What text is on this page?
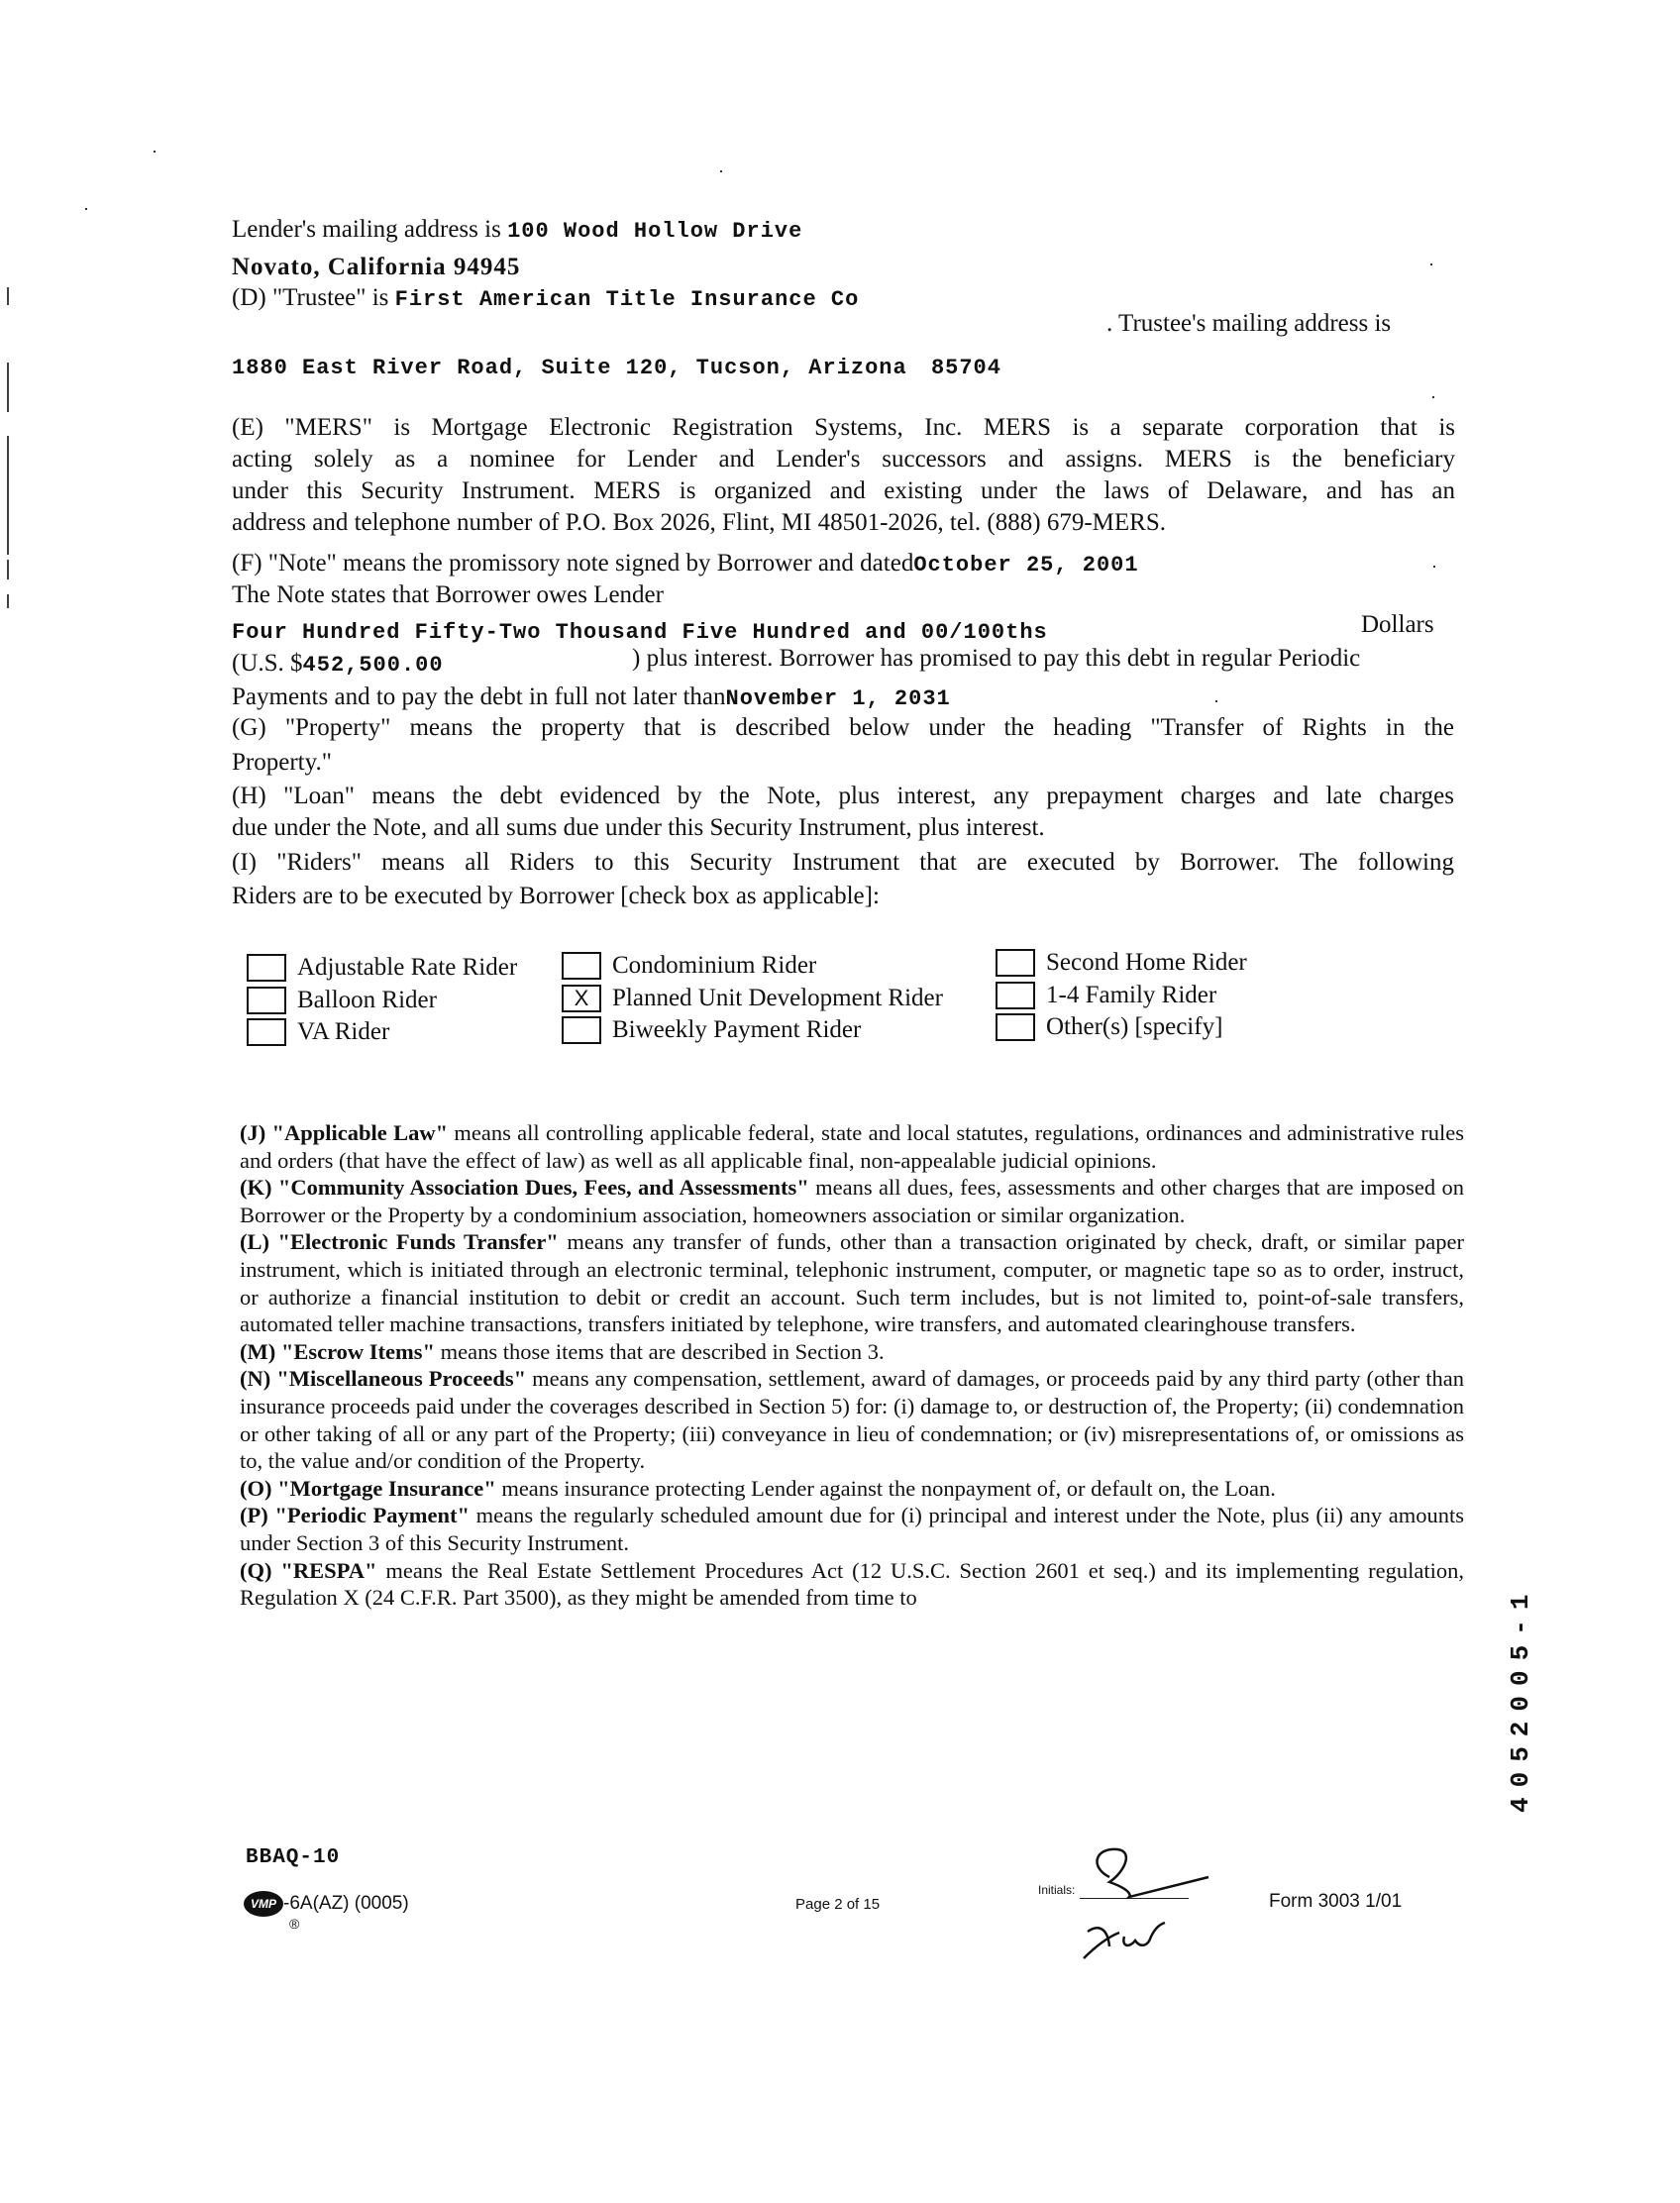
Lender's mailing address is 100 Wood Hollow Drive
Novato, California 94945
(D) "Trustee" is First American Title Insurance Co
. Trustee's mailing address is
1880 East River Road, Suite 120, Tucson, Arizona 85704
(E) "MERS" is Mortgage Electronic Registration Systems, Inc. MERS is a separate corporation that is
acting solely as a nominee for Lender and Lender's successors and assigns. MERS is the beneficiary
under this Security Instrument. MERS is organized and existing under the laws of Delaware, and has an
address and telephone number of P.O. Box 2026, Flint, MI 48501-2026, tel. (888) 679-MERS.
(F) "Note" means the promissory note signed by Borrower and datedOctober 25, 2001
The Note states that Borrower owes Lender
Four Hundred Fifty-Two Thousand Five Hundred and 00/100ths	Dollars
(U.S. $452,500.00	) plus interest. Borrower has promised to pay this debt in regular Periodic
Payments and to pay the debt in full not later thanNovember 1, 2031
(G) "Property" means the property that is described below under the heading "Transfer of Rights in the
Property."
(H) "Loan" means the debt evidenced by the Note, plus interest, any prepayment charges and late charges
due under the Note, and all sums due under this Security Instrument, plus interest.
(I) "Riders" means all Riders to this Security Instrument that are executed by Borrower. The following
Riders are to be executed by Borrower [check box as applicable]:
Adjustable Rate Rider
Balloon Rider
VA Rider
Condominium Rider
X Planned Unit Development Rider
Biweekly Payment Rider
Second Home Rider
1-4 Family Rider
Other(s) [specify]

(J) "Applicable Law" means all controlling applicable federal, state and local statutes, regulations, ordinances and administrative rules and orders (that have the effect of law) as well as all applicable final, non-appealable judicial opinions.

(K) "Community Association Dues, Fees, and Assessments" means all dues, fees, assessments and other charges that are imposed on Borrower or the Property by a condominium association, homeowners association or similar organization.

(L) "Electronic Funds Transfer" means any transfer of funds, other than a transaction originated by check, draft, or similar paper instrument, which is initiated through an electronic terminal, telephonic instrument, computer, or magnetic tape so as to order, instruct, or authorize a financial institution to debit or credit an account. Such term includes, but is not limited to, point-of-sale transfers, automated teller machine transactions, transfers initiated by telephone, wire transfers, and automated clearinghouse transfers.

(M) "Escrow Items" means those items that are described in Section 3.

(N) "Miscellaneous Proceeds" means any compensation, settlement, award of damages, or proceeds paid by any third party (other than insurance proceeds paid under the coverages described in Section 5) for: (i) damage to, or destruction of, the Property; (ii) condemnation or other taking of all or any part of the Property; (iii) conveyance in lieu of condemnation; or (iv) misrepresentations of, or omissions as to, the value and/or condition of the Property.

(O) "Mortgage Insurance" means insurance protecting Lender against the nonpayment of, or default on, the Loan.

(P) "Periodic Payment" means the regularly scheduled amount due for (i) principal and interest under the Note, plus (ii) any amounts under Section 3 of this Security Instrument.

(Q) "RESPA" means the Real Estate Settlement Procedures Act (12 U.S.C. Section 2601 et seq.) and its implementing regulation, Regulation X (24 C.F.R. Part 3500), as they might be amended from time to

BBAQ-10
VMP -6A(AZ) (0005)
®
Page 2 of 15
Initials:
Form 3003 1/01
4052005-1
